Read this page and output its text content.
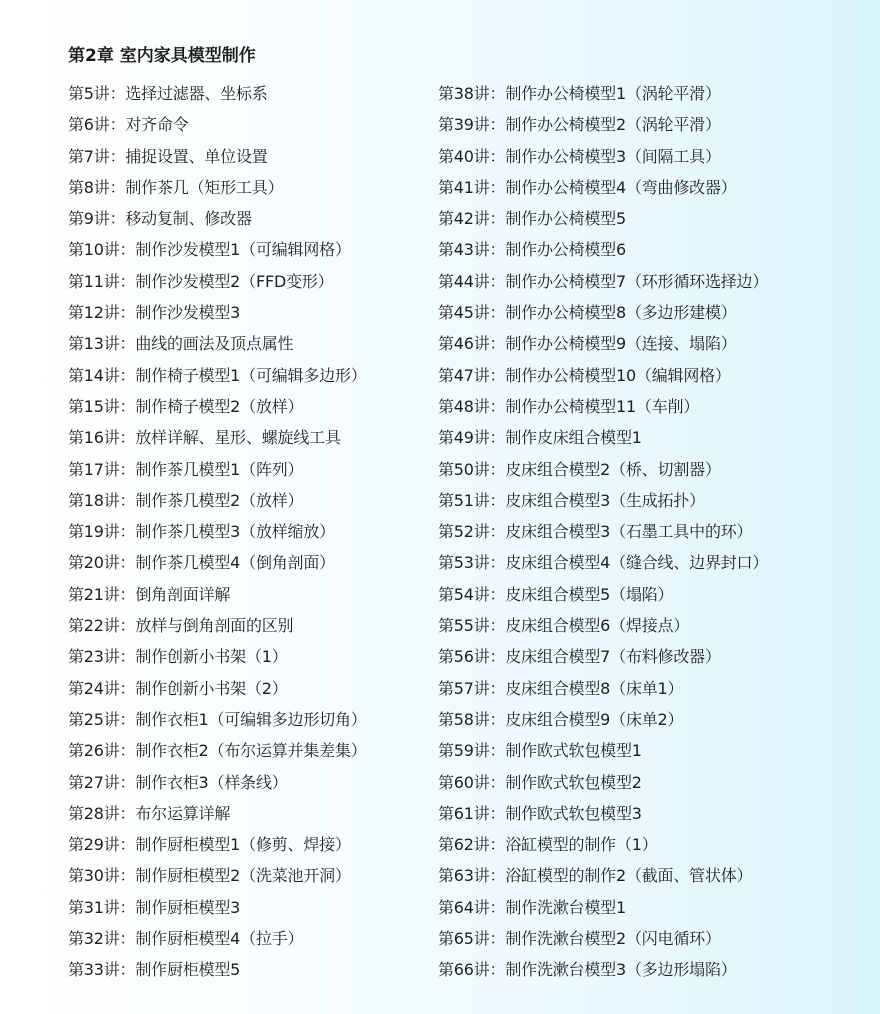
第2章 室内家具模型制作
第5讲：选择过滤器、坐标系
第6讲：对齐命令
第7讲：捕捉设置、单位设置
第8讲：制作茶几（矩形工具）
第9讲：移动复制、修改器
第10讲：制作沙发模型1（可编辑网格）
第11讲：制作沙发模型2（FFD变形）
第12讲：制作沙发模型3
第13讲：曲线的画法及顶点属性
第14讲：制作椅子模型1（可编辑多边形）
第15讲：制作椅子模型2（放样）
第16讲：放样详解、星形、螺旋线工具
第17讲：制作茶几模型1（阵列）
第18讲：制作茶几模型2（放样）
第19讲：制作茶几模型3（放样缩放）
第20讲：制作茶几模型4（倒角剖面）
第21讲：倒角剖面详解
第22讲：放样与倒角剖面的区别
第23讲：制作创新小书架（1）
第24讲：制作创新小书架（2）
第25讲：制作衣柜1（可编辑多边形切角）
第26讲：制作衣柜2（布尔运算并集差集）
第27讲：制作衣柜3（样条线）
第28讲：布尔运算详解
第29讲：制作厨柜模型1（修剪、焊接）
第30讲：制作厨柜模型2（洗菜池开洞）
第31讲：制作厨柜模型3
第32讲：制作厨柜模型4（拉手）
第33讲：制作厨柜模型5
第38讲：制作办公椅模型1（涡轮平滑）
第39讲：制作办公椅模型2（涡轮平滑）
第40讲：制作办公椅模型3（间隔工具）
第41讲：制作办公椅模型4（弯曲修改器）
第42讲：制作办公椅模型5
第43讲：制作办公椅模型6
第44讲：制作办公椅模型7（环形循环选择边）
第45讲：制作办公椅模型8（多边形建模）
第46讲：制作办公椅模型9（连接、塌陷）
第47讲：制作办公椅模型10（编辑网格）
第48讲：制作办公椅模型11（车削）
第49讲：制作皮床组合模型1
第50讲：皮床组合模型2（桥、切割器）
第51讲：皮床组合模型3（生成拓扑）
第52讲：皮床组合模型3（石墨工具中的环）
第53讲：皮床组合模型4（缝合线、边界封口）
第54讲：皮床组合模型5（塌陷）
第55讲：皮床组合模型6（焊接点）
第56讲：皮床组合模型7（布料修改器）
第57讲：皮床组合模型8（床单1）
第58讲：皮床组合模型9（床单2）
第59讲：制作欧式软包模型1
第60讲：制作欧式软包模型2
第61讲：制作欧式软包模型3
第62讲：浴缸模型的制作（1）
第63讲：浴缸模型的制作2（截面、管状体）
第64讲：制作洗漱台模型1
第65讲：制作洗漱台模型2（闪电循环）
第66讲：制作洗漱台模型3（多边形塌陷）
